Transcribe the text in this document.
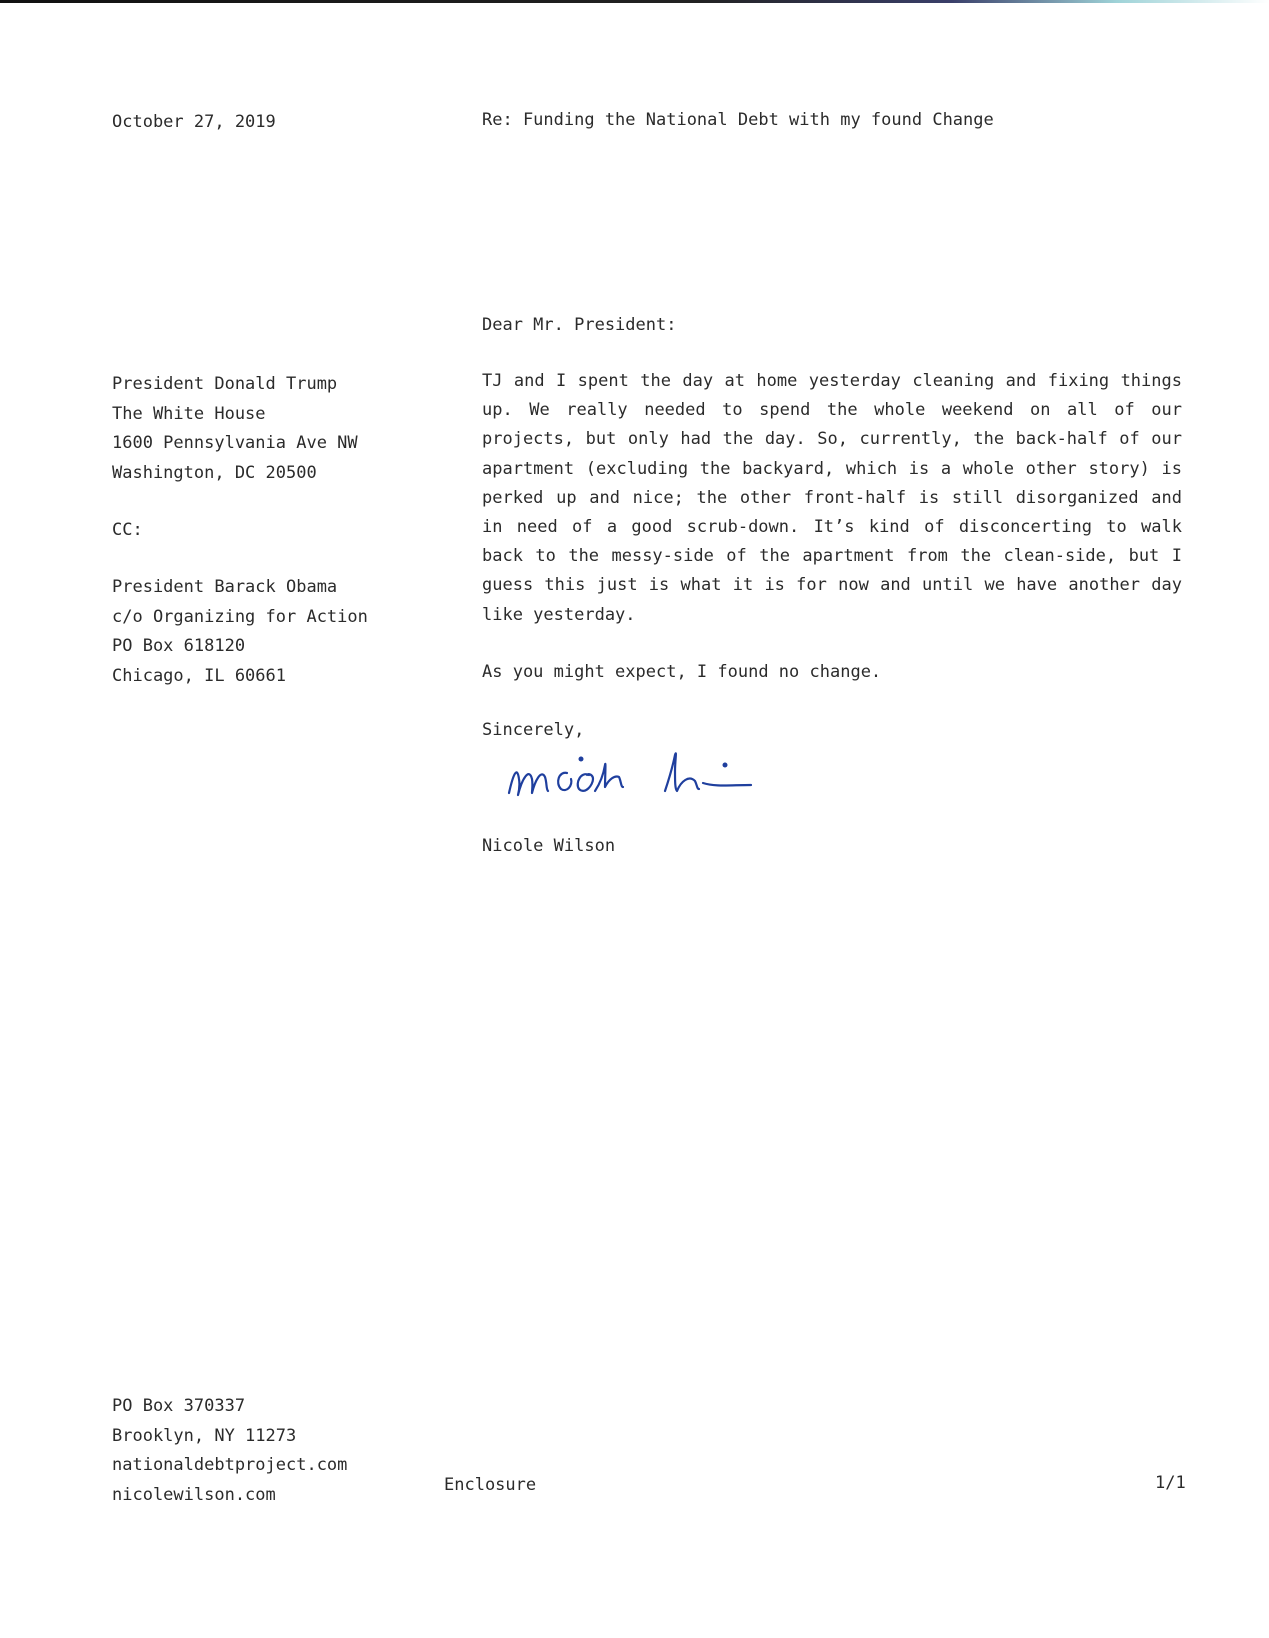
October 27, 2019	Re: Funding the National Debt with my found Change
Dear Mr. President:
President Donald Trump
The White House
1600 Pennsylvania Ave NW
Washington, DC 20500
CC:
President Barack Obama
c/o Organizing for Action
PO Box 618120
Chicago, IL 60661
TJ and I spent the day at home yesterday cleaning and fixing things up. We really needed to spend the whole weekend on all of our projects, but only had the day. So, currently, the back-half of our apartment (excluding the backyard, which is a whole other story) is perked up and nice; the other front-half is still disorganized and in need of a good scrub-down. It’s kind of disconcerting to walk back to the messy-side of the apartment from the clean-side, but I guess this just is what it is for now and until we have another day like yesterday.
As you might expect, I found no change.
Sincerely,
Nicole Wilson
PO Box 370337
Brooklyn, NY 11273
nationaldebtproject.com
nicolewilson.com	Enclosure	1/1
